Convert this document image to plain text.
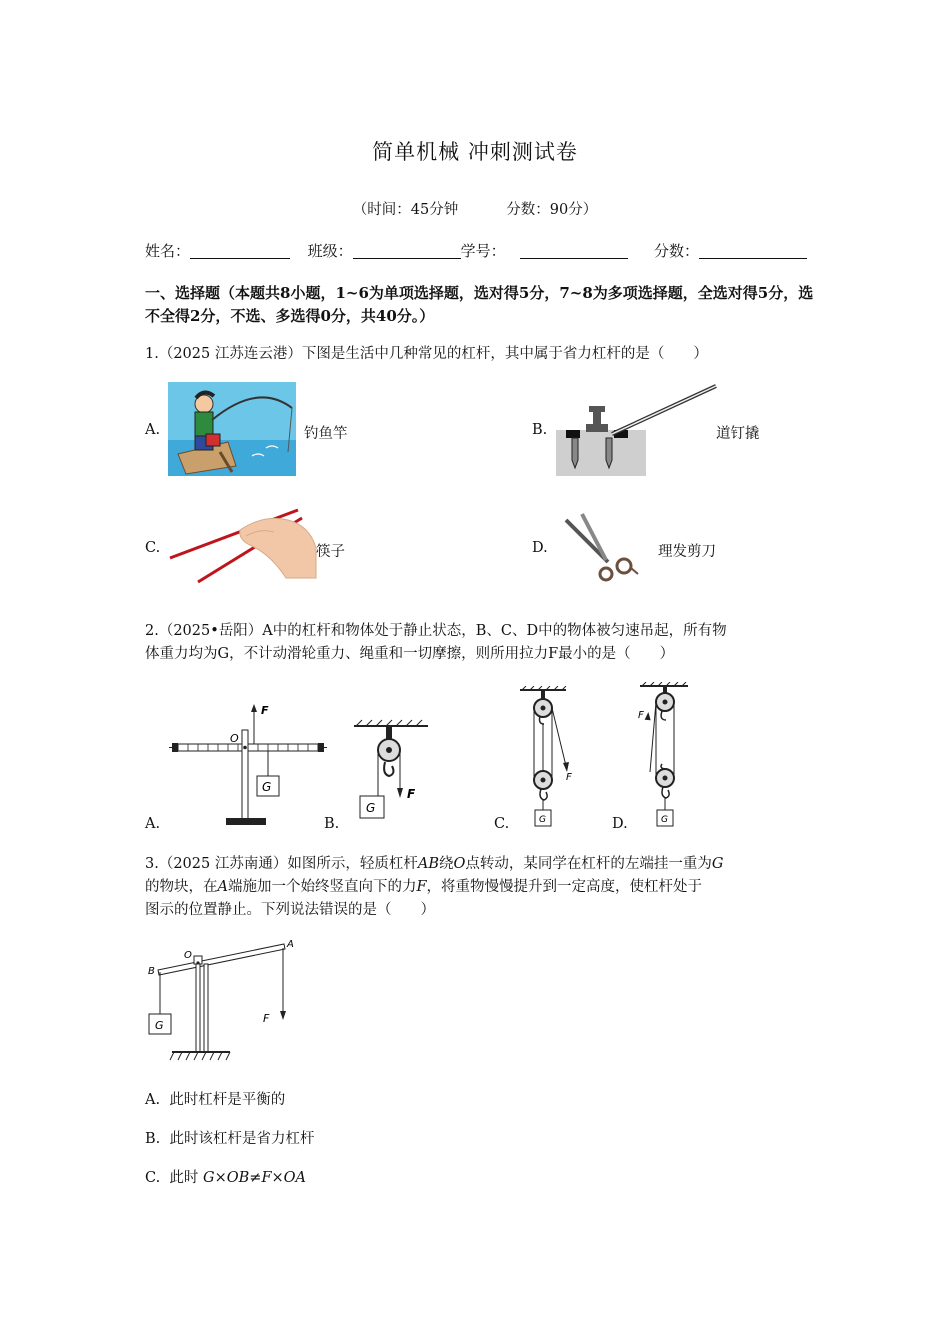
简单机械 冲刺测试卷
（时间：45分钟	分数：90分）
姓名：	班级：	学号：	分数：
一、选择题（本题共8小题，1~6为单项选择题，选对得5分，7~8为多项选择题，全选对得5分，选不全得2分，不选、多选得0分，共40分。）
1.（2025 江苏连云港）下图是生活中几种常见的杠杆，其中属于省力杠杆的是（　　）
A.	钓鱼竿	B.	道钉撬
C.	筷子	D.	理发剪刀
2.（2025•岳阳）A中的杠杆和物体处于静止状态，B、C、D中的物体被匀速吊起，所有物
体重力均为G，不计动滑轮重力、绳重和一切摩擦，则所用拉力F最小的是（　　）
F
O
G
A.
F
G
B.
F
G
C.
F
G
D.
3.（2025 江苏南通）如图所示，轻质杠杆AB绕O点转动，某同学在杠杆的左端挂一重为G
的物块，在A端施加一个始终竖直向下的力F，将重物慢慢提升到一定高度，使杠杆处于
图示的位置静止。下列说法错误的是（　　）
A
B
O
G
F
A. 此时杠杆是平衡的
B. 此时该杠杆是省力杠杆
C. 此时 G×OB≠F×OA
